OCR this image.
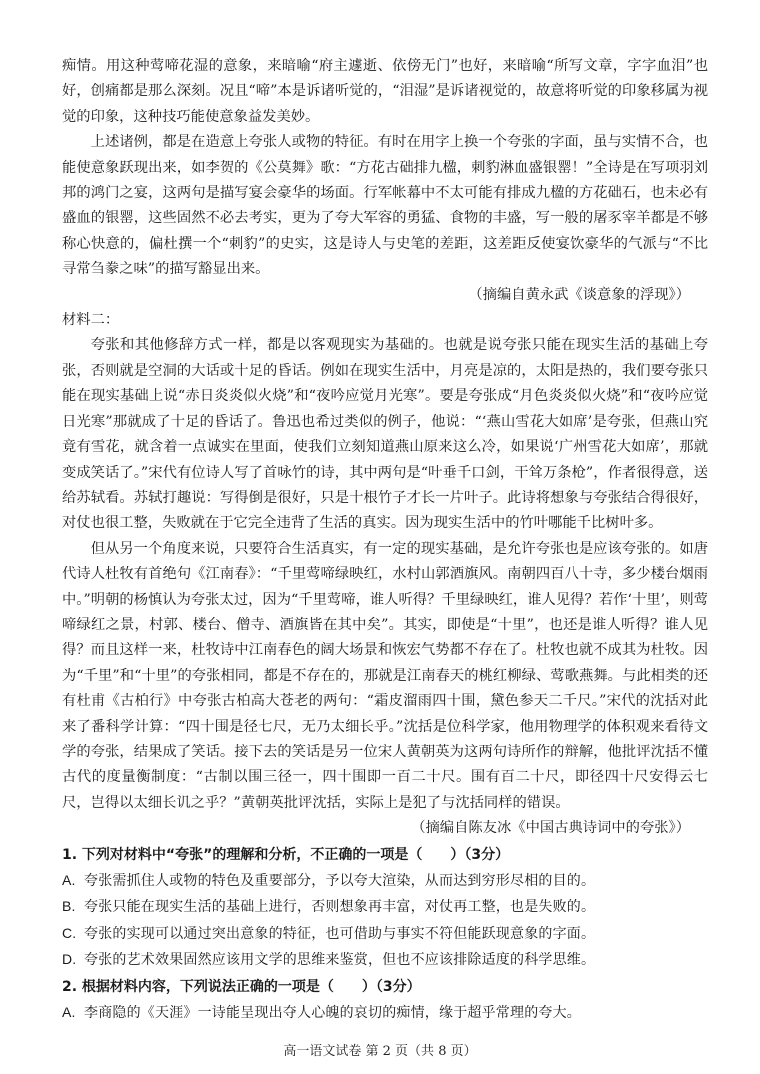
痴情。用这种莺啼花湿的意象，来暗喻“府主遽逝、依傍无门”也好，来暗喻“所写文章，字字血泪”也好，创痛都是那么深刻。况且“啼”本是诉诸听觉的，“泪湿”是诉诸视觉的，故意将听觉的印象移属为视觉的印象，这种技巧能使意象益发美妙。

上述诸例，都是在造意上夸张人或物的特征。有时在用字上换一个夸张的字面，虽与实情不合，也能使意象跃现出来，如李贺的《公莫舞》歌：“方花古础排九楹，刺豹淋血盛银罂！”全诗是在写项羽刘邦的鸿门之宴，这两句是描写宴会豪华的场面。行军帐幕中不太可能有排成九楹的方花础石，也未必有盛血的银罂，这些固然不必去考实，更为了夸大军容的勇猛、食物的丰盛，写一般的屠豕宰羊都是不够称心快意的，偏杜撰一个“刺豹”的史实，这是诗人与史笔的差距，这差距反使宴饮豪华的气派与“不比寻常刍豢之味”的描写豁显出来。

（摘编自黄永武《谈意象的浮现》）

材料二：

夸张和其他修辞方式一样，都是以客观现实为基础的。也就是说夸张只能在现实生活的基础上夸张，否则就是空洞的大话或十足的昏话。例如在现实生活中，月亮是凉的，太阳是热的，我们要夸张只能在现实基础上说“赤日炎炎似火烧”和“夜吟应觉月光寒”。要是夸张成“月色炎炎似火烧”和“夜吟应觉日光寒”那就成了十足的昏话了。鲁迅也希过类似的例子，他说：“‘燕山雪花大如席’是夸张，但燕山究竟有雪花，就含着一点诚实在里面，使我们立刻知道燕山原来这么冷，如果说‘广州雪花大如席’，那就变成笑话了。”宋代有位诗人写了首咏竹的诗，其中两句是“叶垂千口剑，干耸万条枪”，作者很得意，送给苏轼看。苏轼打趣说：写得倒是很好，只是十根竹子才长一片叶子。此诗将想象与夸张结合得很好，对仗也很工整，失败就在于它完全违背了生活的真实。因为现实生活中的竹叶哪能千比树叶多。

但从另一个角度来说，只要符合生活真实，有一定的现实基础，是允许夸张也是应该夸张的。如唐代诗人杜牧有首绝句《江南春》：“千里莺啼绿映红，水村山郭酒旗风。南朝四百八十寺，多少楼台烟雨中。”明朝的杨慎认为夸张太过，因为“千里莺啼，谁人听得？千里绿映红，谁人见得？若作‘十里’，则莺啼绿红之景，村郭、楼台、僧寺、酒旗皆在其中矣”。其实，即使是“十里”，也还是谁人听得？谁人见得？而且这样一来，杜牧诗中江南春色的阔大场景和恢宏气势都不存在了。杜牧也就不成其为杜牧。因为“千里”和“十里”的夸张相同，都是不存在的，那就是江南春天的桃红柳绿、莺歌燕舞。与此相类的还有杜甫《古柏行》中夸张古柏高大苍老的两句：“霜皮溜雨四十围，黛色参天二千尺。”宋代的沈括对此来了番科学计算：“四十围是径七尺，无乃太细长乎。”沈括是位科学家，他用物理学的体积观来看待文学的夸张，结果成了笑话。接下去的笑话是另一位宋人黄朝英为这两句诗所作的辩解，他批评沈括不懂古代的度量衡制度：“古制以围三径一，四十围即一百二十尺。围有百二十尺，即径四十尺安得云七尺，岂得以太细长讥之乎？”黄朝英批评沈括，实际上是犯了与沈括同样的错误。

（摘编自陈友冰《中国古典诗词中的夸张》）

1. 下列对材料中“夸张”的理解和分析，不正确的一项是（　　）（3分）

A. 夸张需抓住人或物的特色及重要部分，予以夸大渲染，从而达到穷形尽相的目的。

B. 夸张只能在现实生活的基础上进行，否则想象再丰富，对仗再工整，也是失败的。

C. 夸张的实现可以通过突出意象的特征，也可借助与事实不符但能跃现意象的字面。

D. 夸张的艺术效果固然应该用文学的思维来鉴赏，但也不应该排除适度的科学思维。

2. 根据材料内容，下列说法正确的一项是（　　）（3分）

A. 李商隐的《天涯》一诗能呈现出夺人心魄的哀切的痴情，缘于超乎常理的夸大。

高一语文试卷 第 2 页（共 8 页）
